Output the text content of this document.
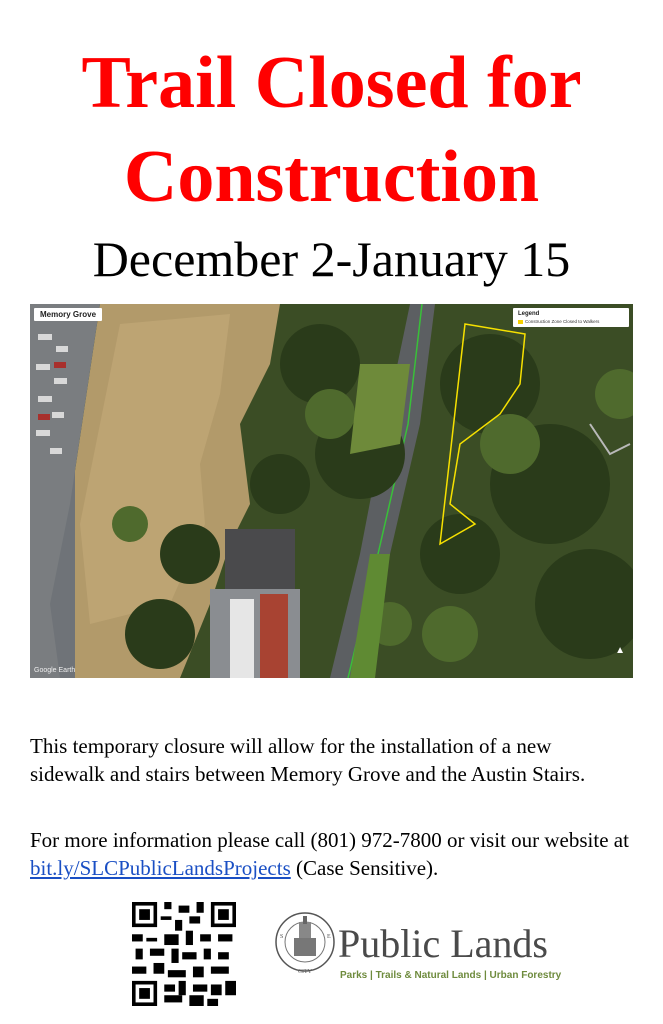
Trail Closed for
Construction

December 2-January 15

Memory Grove	Legend
Construction Zone Closed to Walkers
Google Earth
▲

This temporary closure will allow for the installation of a new sidewalk and stairs between Memory Grove and the Austin Stairs.

For more information please call (801) 972-7800 or visit our website at bit.ly/SLCPublicLandsProjects (Case Sensitive).

S	E
CITY
Public Lands
Parks | Trails & Natural Lands | Urban Forestry
